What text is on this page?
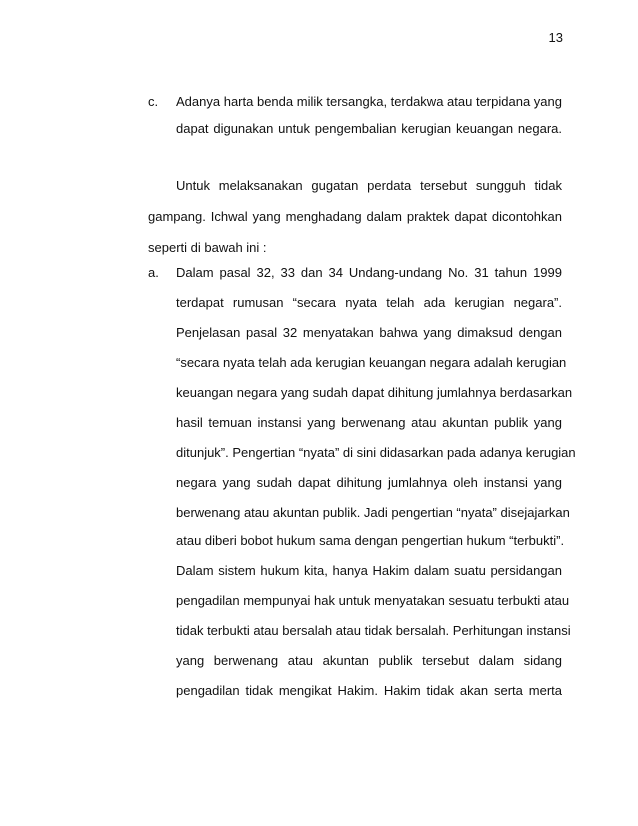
13
c. Adanya harta benda milik tersangka, terdakwa atau terpidana yang
dapat digunakan untuk pengembalian kerugian keuangan negara.
Untuk melaksanakan gugatan perdata tersebut sungguh tidak
gampang. Ichwal yang menghadang dalam praktek dapat dicontohkan
seperti di bawah ini :
a. Dalam pasal 32, 33 dan 34 Undang-undang No. 31 tahun 1999
terdapat rumusan “secara nyata telah ada kerugian negara”.
Penjelasan pasal 32 menyatakan bahwa yang dimaksud dengan
“secara nyata telah ada kerugian keuangan negara adalah kerugian
keuangan negara yang sudah dapat dihitung jumlahnya berdasarkan
hasil temuan instansi yang berwenang atau akuntan publik yang
ditunjuk”. Pengertian “nyata” di sini didasarkan pada adanya kerugian
negara yang sudah dapat dihitung jumlahnya oleh instansi yang
berwenang atau akuntan publik. Jadi pengertian “nyata” disejajarkan
atau diberi bobot hukum sama dengan pengertian hukum “terbukti”.
Dalam sistem hukum kita, hanya Hakim dalam suatu persidangan
pengadilan mempunyai hak untuk menyatakan sesuatu terbukti atau
tidak terbukti atau bersalah atau tidak bersalah. Perhitungan instansi
yang berwenang atau akuntan publik tersebut dalam sidang
pengadilan tidak mengikat Hakim. Hakim tidak akan serta merta
